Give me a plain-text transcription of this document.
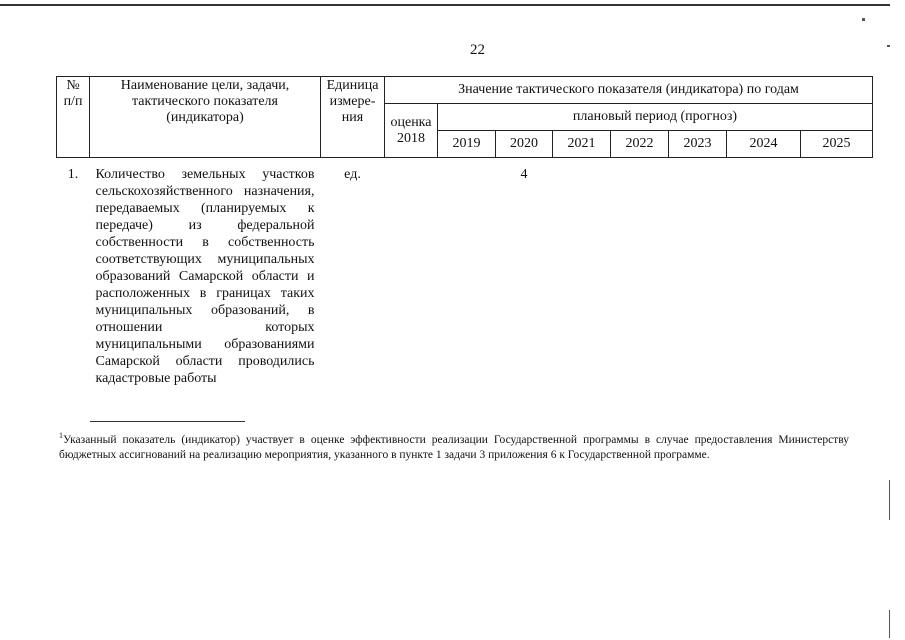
22
№ п/п	Наименование цели, задачи, тактического показателя (индикатора)	Единица измере-ния	Значение тактического показателя (индикатора) по годам							
			оценка 2018	плановый период (прогноз)						
				2019	2020	2021	2022	2023	2024	2025
1.	Количество земельных участков сельскохозяйственного назначения, передаваемых (планируемых к передаче) из федеральной собственности в собственность соответствующих муниципальных образований Самарской области и расположенных в границах таких муниципальных образований, в отношении которых муниципальными образованиями Самарской области проводились кадастровые работы	ед.			4					
$^1$Указанный показатель (индикатор) участвует в оценке эффективности реализации Государственной программы в случае предоставления Министерству бюджетных ассигнований на реализацию мероприятия, указанного в пункте 1 задачи 3 приложения 6 к Государственной программе.
